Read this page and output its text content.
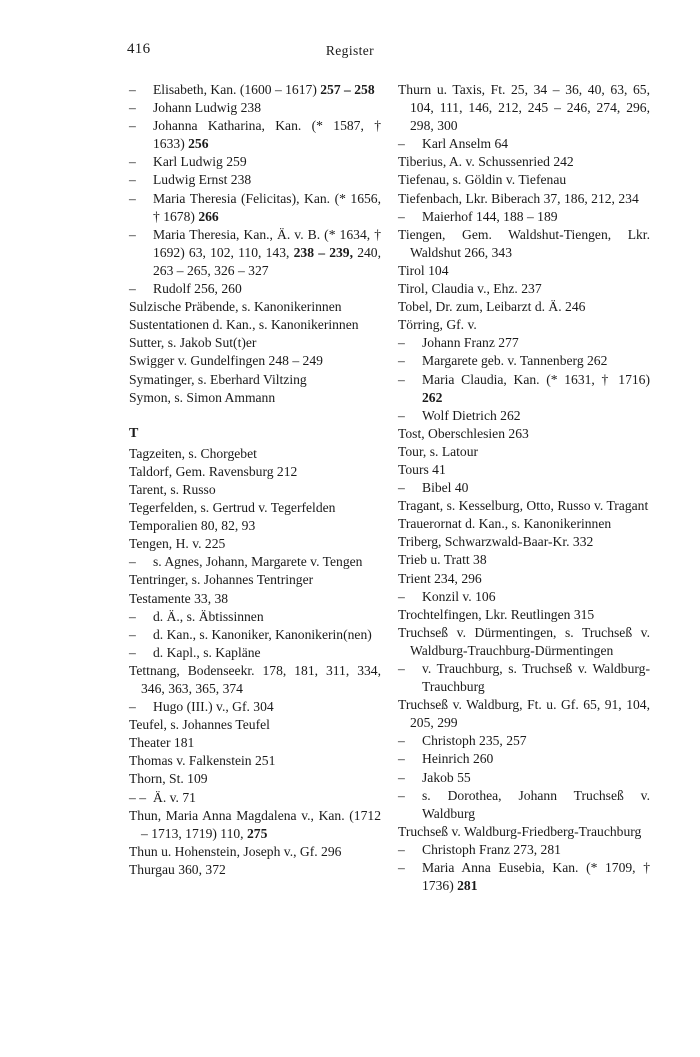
416	Register
– Elisabeth, Kan. (1600 – 1617) 257 – 258
– Johann Ludwig 238
– Johanna Katharina, Kan. (* 1587, † 1633) 256
– Karl Ludwig 259
– Ludwig Ernst 238
– Maria Theresia (Felicitas), Kan. (* 1656, † 1678) 266
– Maria Theresia, Kan., Ä. v. B. (* 1634, † 1692) 63, 102, 110, 143, 238 – 239, 240, 263 – 265, 326 – 327
– Rudolf 256, 260
Sulzische Präbende, s. Kanonikerinnen
Sustentationen d. Kan., s. Kanonikerinnen
Sutter, s. Jakob Sut(t)er
Swigger v. Gundelfingen 248 – 249
Symatinger, s. Eberhard Viltzing
Symon, s. Simon Ammann
T
Tagzeiten, s. Chorgebet
Taldorf, Gem. Ravensburg 212
Tarent, s. Russo
Tegerfelden, s. Gertrud v. Tegerfelden
Temporalien 80, 82, 93
Tengen, H. v. 225
– s. Agnes, Johann, Margarete v. Tengen
Tentringer, s. Johannes Tentringer
Testamente 33, 38
– d. Ä., s. Äbtissinnen
– d. Kan., s. Kanoniker, Kanonikerin(nen)
– d. Kapl., s. Kapläne
Tettnang, Bodenseekr. 178, 181, 311, 334, 346, 363, 365, 374
– Hugo (III.) v., Gf. 304
Teufel, s. Johannes Teufel
Theater 181
Thomas v. Falkenstein 251
Thorn, St. 109
– – Ä. v. 71
Thun, Maria Anna Magdalena v., Kan. (1712 – 1713, 1719) 110, 275
Thun u. Hohenstein, Joseph v., Gf. 296
Thurgau 360, 372
Thurn u. Taxis, Ft. 25, 34 – 36, 40, 63, 65, 104, 111, 146, 212, 245 – 246, 274, 296, 298, 300
– Karl Anselm 64
Tiberius, A. v. Schussenried 242
Tiefenau, s. Göldin v. Tiefenau
Tiefenbach, Lkr. Biberach 37, 186, 212, 234
– Maierhof 144, 188 – 189
Tiengen, Gem. Waldshut-Tiengen, Lkr. Waldshut 266, 343
Tirol 104
Tirol, Claudia v., Ehz. 237
Tobel, Dr. zum, Leibarzt d. Ä. 246
Törring, Gf. v.
– Johann Franz 277
– Margarete geb. v. Tannenberg 262
– Maria Claudia, Kan. (* 1631, † 1716) 262
– Wolf Dietrich 262
Tost, Oberschlesien 263
Tour, s. Latour
Tours 41
– Bibel 40
Tragant, s. Kesselburg, Otto, Russo v. Tragant
Trauerornat d. Kan., s. Kanonikerinnen
Triberg, Schwarzwald-Baar-Kr. 332
Trieb u. Tratt 38
Trient 234, 296
– Konzil v. 106
Trochtelfingen, Lkr. Reutlingen 315
Truchseß v. Dürmentingen, s. Truchseß v. Waldburg-Trauchburg-Dürmentingen
– v. Trauchburg, s. Truchseß v. Waldburg-Trauchburg
Truchseß v. Waldburg, Ft. u. Gf. 65, 91, 104, 205, 299
– Christoph 235, 257
– Heinrich 260
– Jakob 55
– s. Dorothea, Johann Truchseß v. Waldburg
Truchseß v. Waldburg-Friedberg-Trauchburg
– Christoph Franz 273, 281
– Maria Anna Eusebia, Kan. (* 1709, † 1736) 281
